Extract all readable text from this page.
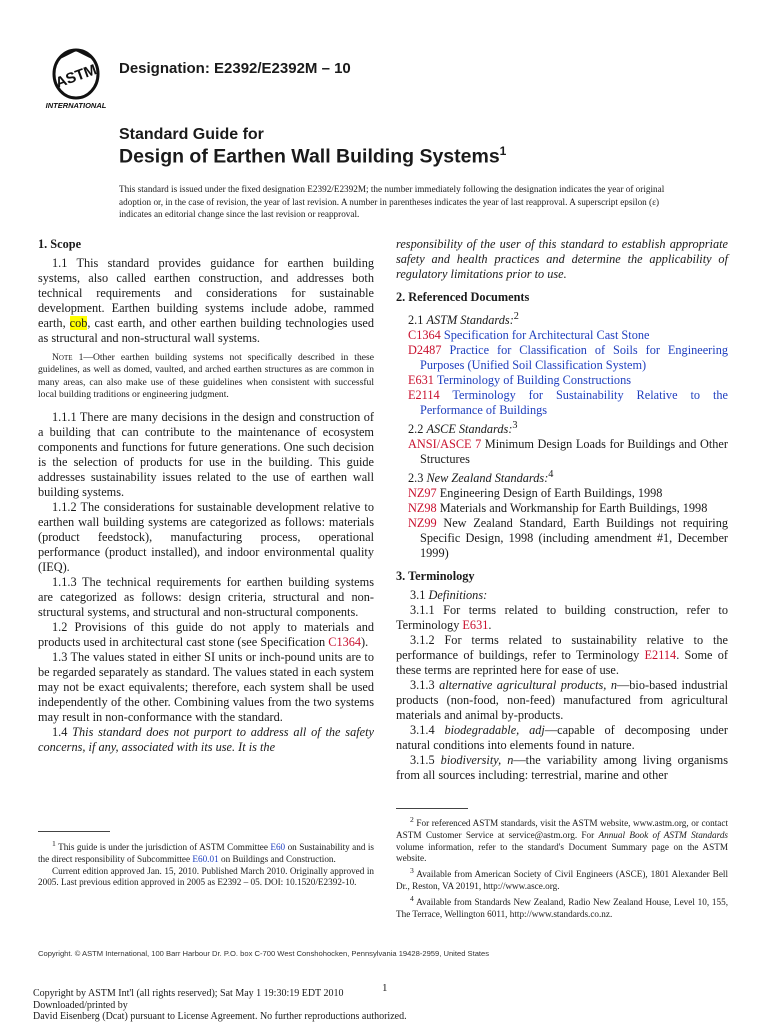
ASTM
INTERNATIONAL
Designation: E2392/E2392M – 10
Standard Guide for
Design of Earthen Wall Building Systems$^1$
This standard is issued under the fixed designation E2392/E2392M; the number immediately following the designation indicates the year of original adoption or, in the case of revision, the year of last revision. A number in parentheses indicates the year of last reapproval. A superscript epsilon (ε) indicates an editorial change since the last revision or reapproval.
1. Scope

1.1 This standard provides guidance for earthen building systems, also called earthen construction, and addresses both technical requirements and considerations for sustainable development. Earthen building systems include adobe, rammed earth, cob, cast earth, and other earthen building technologies used as structural and non-structural wall systems.

Note 1—Other earthen building systems not specifically described in these guidelines, as well as domed, vaulted, and arched earthen structures as are common in many areas, can also make use of these guidelines when consistent with successful local building traditions or engineering judgment.

1.1.1 There are many decisions in the design and construction of a building that can contribute to the maintenance of ecosystem components and functions for future generations. One such decision is the selection of products for use in the building. This guide addresses sustainability issues related to the use of earthen wall building systems.

1.1.2 The considerations for sustainable development relative to earthen wall building systems are categorized as follows: materials (product feedstock), manufacturing process, operational performance (product installed), and indoor environmental quality (IEQ).

1.1.3 The technical requirements for earthen building systems are categorized as follows: design criteria, structural and non-structural systems, and structural and non-structural components.

1.2 Provisions of this guide do not apply to materials and products used in architectural cast stone (see Specification C1364).

1.3 The values stated in either SI units or inch-pound units are to be regarded separately as standard. The values stated in each system may not be exact equivalents; therefore, each system shall be used independently of the other. Combining values from the two systems may result in non-conformance with the standard.

1.4 This standard does not purport to address all of the safety concerns, if any, associated with its use. It is the

responsibility of the user of this standard to establish appropriate safety and health practices and determine the applicability of regulatory limitations prior to use.

2. Referenced Documents

2.1 ASTM Standards:$^2$

C1364 Specification for Architectural Cast Stone

D2487 Practice for Classification of Soils for Engineering Purposes (Unified Soil Classification System)

E631 Terminology of Building Constructions

E2114 Terminology for Sustainability Relative to the Performance of Buildings

2.2 ASCE Standards:$^3$

ANSI/ASCE 7 Minimum Design Loads for Buildings and Other Structures

2.3 New Zealand Standards:$^4$

NZ97 Engineering Design of Earth Buildings, 1998

NZ98 Materials and Workmanship for Earth Buildings, 1998

NZ99 New Zealand Standard, Earth Buildings not requiring Specific Design, 1998 (including amendment #1, December 1999)

3. Terminology

3.1 Definitions:

3.1.1 For terms related to building construction, refer to Terminology E631.

3.1.2 For terms related to sustainability relative to the performance of buildings, refer to Terminology E2114. Some of these terms are reprinted here for ease of use.

3.1.3 alternative agricultural products, n—bio-based industrial products (non-food, non-feed) manufactured from agricultural materials and animal by-products.

3.1.4 biodegradable, adj—capable of decomposing under natural conditions into elements found in nature.

3.1.5 biodiversity, n—the variability among living organisms from all sources including: terrestrial, marine and other

$^1$ This guide is under the jurisdiction of ASTM Committee E60 on Sustainability and is the direct responsibility of Subcommittee E60.01 on Buildings and Construction.

Current edition approved Jan. 15, 2010. Published March 2010. Originally approved in 2005. Last previous edition approved in 2005 as E2392 – 05. DOI: 10.1520/E2392-10.

$^2$ For referenced ASTM standards, visit the ASTM website, www.astm.org, or contact ASTM Customer Service at service@astm.org. For Annual Book of ASTM Standards volume information, refer to the standard's Document Summary page on the ASTM website.

$^3$ Available from American Society of Civil Engineers (ASCE), 1801 Alexander Bell Dr., Reston, VA 20191, http://www.asce.org.

$^4$ Available from Standards New Zealand, Radio New Zealand House, Level 10, 155, The Terrace, Wellington 6011, http://www.standards.co.nz.

Copyright. © ASTM International, 100 Barr Harbour Dr. P.O. box C-700 West Conshohocken, Pennsylvania 19428-2959, United States
1
Copyright by ASTM Int'l (all rights reserved); Sat May 1 19:30:19 EDT 2010
Downloaded/printed by
David Eisenberg (Dcat) pursuant to License Agreement. No further reproductions authorized.
